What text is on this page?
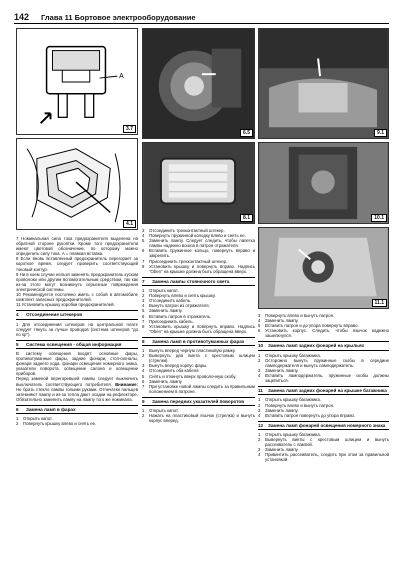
142 Глава 11 Бортовое электрооборудование
A
3.7
4.1
6.5	9.1
8.1	10.1
11.1

7 Номинальная сила тока предохранителя выделена на обратной стороне рукоятки. Кроме того предохранители имеют цветовой обозначение, по которому можно определить силу тока. A = плавкая вставка.

8 Если вновь вставленный предохранитель перегорает за короткое время, следует проверить соответствующий токовый контур.

9 Ни в коем случае нельзя заменять предохранитель куском проволоки или другим вспомогательным средством, так как из-за этого могут возникнуть серьезные повреждения электрической системы.

10 Рекомендуется постоянно иметь с собой в автомобиле комплект запасных предохранителей.

11 Установить крышку коробки предохранителей.

4	Отсоединение штекеров

1 Для отсоединения штекеров на центральной плате следует тянуть за лучше проводов (система штекеров "до по sp").

5	Система освещения - общая информация

В систему освещения входят: основные фары, противотуманные фары, задние фонари, стоп-сигналы, фонари заднего хода, фонари освещения номерного знака, указатели поворота, освещение салона и освещение приборов.

Перед заменой перегоревшей лампы следует выключить выключатель соответствующего потребителя. Внимание: Не брать стекло лампы голыми руками. Отпечатки пальцев затемняют лампу и из-за тепла дают осадки на рефлекторе. Обязательно заменить лампу на лампу того же номинала.

6	Замена ламп в фарах
1	Открыть капот.
2	Повернуть крышку влево и снять ее.
3	Отсоединить трехконтактный штекер.
4	Повернуть пружинной колодку влево и снять ее.
5	Заменить лампу. Следует следить, чтобы лапетка лампы надежно вошла в патрон отражателя.
6	Вставить пружинное кольцо, повернуть вправо и закрепить.
7	Присоединить трехконтактный штекер.
8	Установить крышку и повернуть вправо. Надпись "Oben" на крышке должна быть обращена вверх.
7	Замена лампы стояночного света
1	Открыть капот.
2	Повернуть влево и снять крышку.
3	Отсоединить кабель.
4	Вынуть патрон из отражателя.
5	Заменить лампу.
6	Вставить патрон в отражатель.
7	Присоединить кабель.
8	Установить крышку и повернуть вправо. Надпись "Oben" на крышке должна быть обращена вверх.
8	Замена ламп в противотуманных фарах
1	Вынуть вперед черную пластиковую рамку.
2	Вывернуть два винта с крестовым шлицем (стрелки).
3	Вынуть вперед корпус фары.
4	Отсоединить оба кабеля.
5	Снять и откинуть вверх проволочную скобу.
6	Заменить лампу.
7	При установке новой лампы следить за правильным положением в патроне.
9	Замена передних указателей поворотов
1	Открыть капот.
2	Нажать на пластиковый язычок (стрелка) и вынуть корпус вперед.
3	Повернуть влево и вынуть патрон.
4	Заменить лампу.
5	Вставить патрон и до упора повернуть вправо.
6	Установить корпус. Следить, чтобы язычок надежно зашелкнулся.
10	Замена ламп задних фонарей на крыльях
1	Открыть крышку багажника.
2	Осторожно вынуть пружинные скобы в середине ламподержателя и вынуть ламподержатель.
3	Заменить лампу.
4	Вставить ламподержатель, пружинные скобы должны зацепиться.
11	Замена ламп задних фонарей на крышке багажника
1	Открыть крышку багажника.
2	Повернуть влево и вынуть патрон.
3	Заменить лампу.
4	Вставить патрон повернуть до упора вправо.
12	Замена ламп фонарей освещения номерного знака
1	Открыть крышку багажника.
2	Вывернуть винты с крестовым шлицем и вынуть рассеиватель с лампой.
3	Заменить лампу.
4	Привинтить рассеиватель, следить при этом за правильной установкой.
